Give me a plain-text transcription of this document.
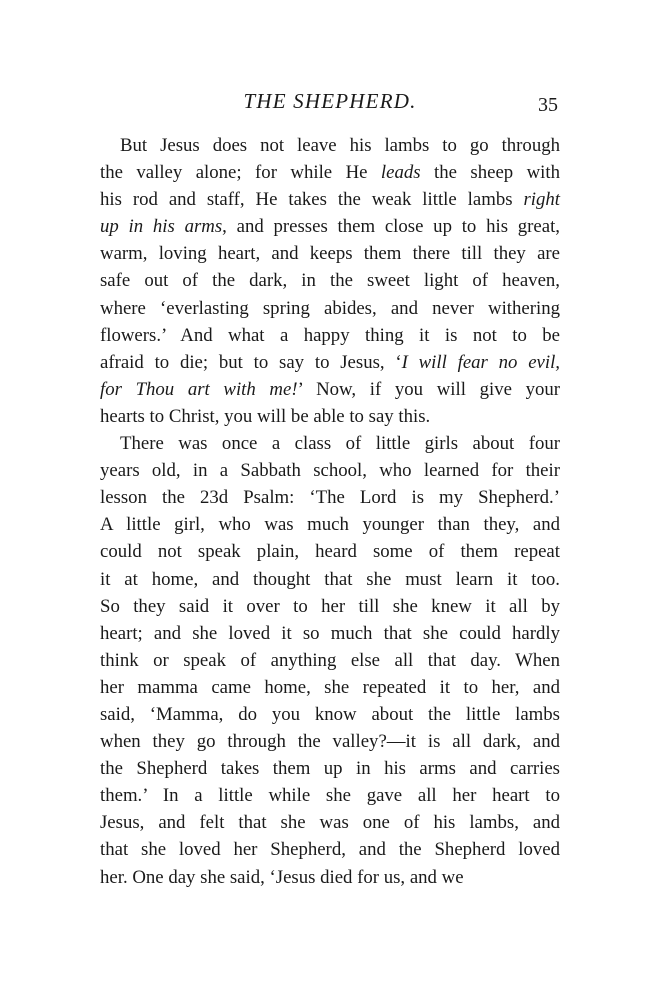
THE SHEPHERD.	35
But Jesus does not leave his lambs to go through
the valley alone; for while He leads the sheep with
his rod and staff, He takes the weak little lambs right
up in his arms, and presses them close up to his great,
warm, loving heart, and keeps them there till they are
safe out of the dark, in the sweet light of heaven,
where ‘everlasting spring abides, and never withering
flowers.’ And what a happy thing it is not to be
afraid to die; but to say to Jesus, ‘I will fear no evil,
for Thou art with me!’ Now, if you will give your
hearts to Christ, you will be able to say this.
There was once a class of little girls about four
years old, in a Sabbath school, who learned for their
lesson the 23d Psalm: ‘The Lord is my Shepherd.’
A little girl, who was much younger than they, and
could not speak plain, heard some of them repeat
it at home, and thought that she must learn it too.
So they said it over to her till she knew it all by
heart; and she loved it so much that she could hardly
think or speak of anything else all that day. When
her mamma came home, she repeated it to her, and
said, ‘Mamma, do you know about the little lambs
when they go through the valley?—it is all dark, and
the Shepherd takes them up in his arms and carries
them.’ In a little while she gave all her heart to
Jesus, and felt that she was one of his lambs, and
that she loved her Shepherd, and the Shepherd loved
her. One day she said, ‘Jesus died for us, and we
